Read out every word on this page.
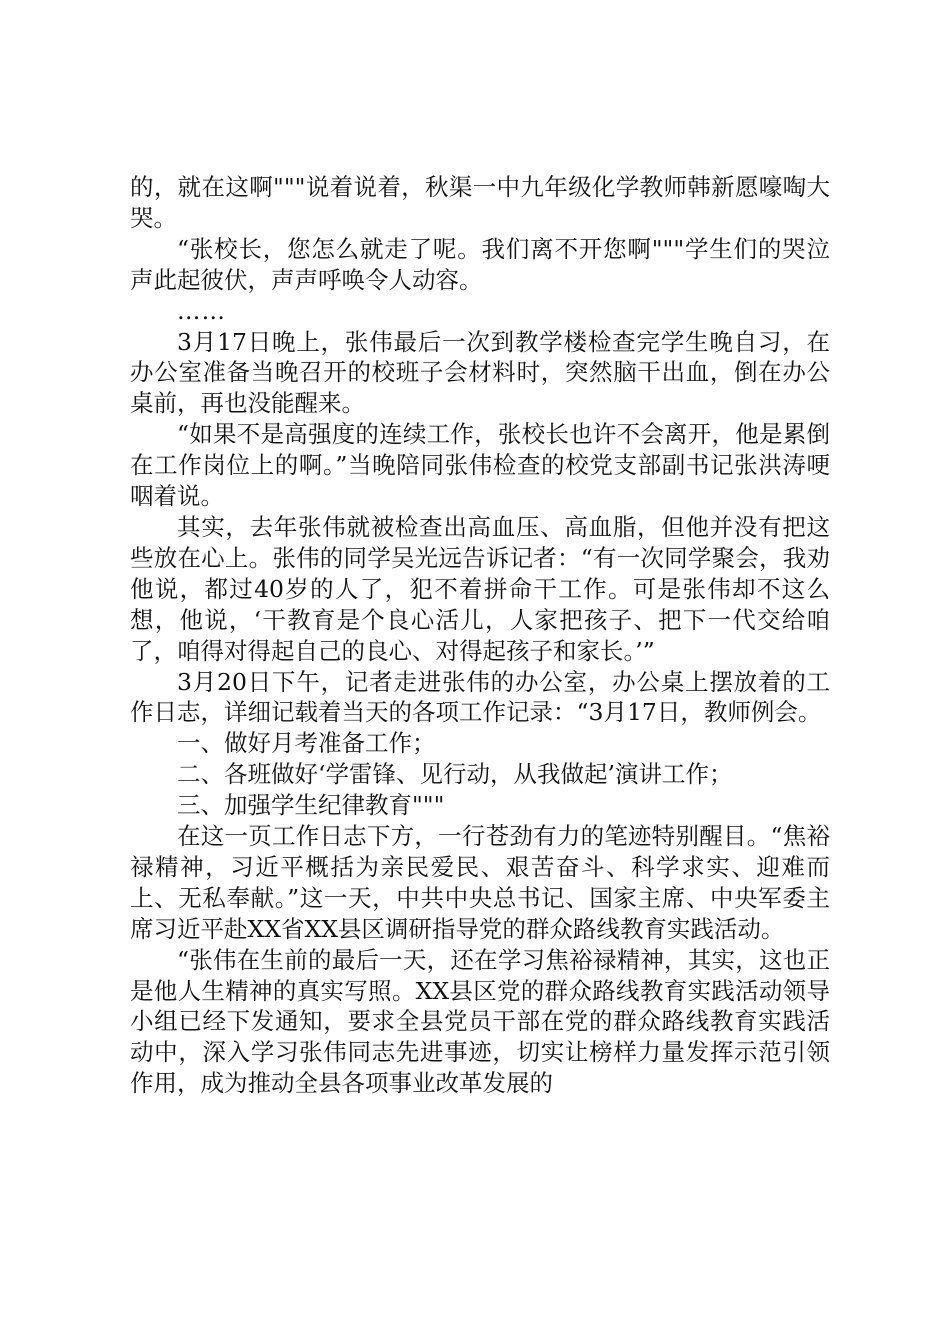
的，就在这啊"""说着说着，秋渠一中九年级化学教师韩新愿嚎啕大哭。

“张校长，您怎么就走了呢。我们离不开您啊"""学生们的哭泣声此起彼伏，声声呼唤令人动容。

……

3月17日晚上，张伟最后一次到教学楼检查完学生晚自习，在办公室准备当晚召开的校班子会材料时，突然脑干出血，倒在办公桌前，再也没能醒来。

“如果不是高强度的连续工作，张校长也许不会离开，他是累倒在工作岗位上的啊。”当晚陪同张伟检查的校党支部副书记张洪涛哽咽着说。

其实，去年张伟就被检查出高血压、高血脂，但他并没有把这些放在心上。张伟的同学吴光远告诉记者：“有一次同学聚会，我劝他说，都过40岁的人了，犯不着拼命干工作。可是张伟却不这么想，他说，‘干教育是个良心活儿，人家把孩子、把下一代交给咱了，咱得对得起自己的良心、对得起孩子和家长。’”

3月20日下午，记者走进张伟的办公室，办公桌上摆放着的工作日志，详细记载着当天的各项工作记录：“3月17日，教师例会。

一、做好月考准备工作；

二、各班做好‘学雷锋、见行动，从我做起’演讲工作；

三、加强学生纪律教育"""

在这一页工作日志下方，一行苍劲有力的笔迹特别醒目。“焦裕禄精神，习近平概括为亲民爱民、艰苦奋斗、科学求实、迎难而上、无私奉献。”这一天，中共中央总书记、国家主席、中央军委主席习近平赴XX省XX县区调研指导党的群众路线教育实践活动。

“张伟在生前的最后一天，还在学习焦裕禄精神，其实，这也正是他人生精神的真实写照。XX县区党的群众路线教育实践活动领导小组已经下发通知，要求全县党员干部在党的群众路线教育实践活动中，深入学习张伟同志先进事迹，切实让榜样力量发挥示范引领作用，成为推动全县各项事业改革发展的
